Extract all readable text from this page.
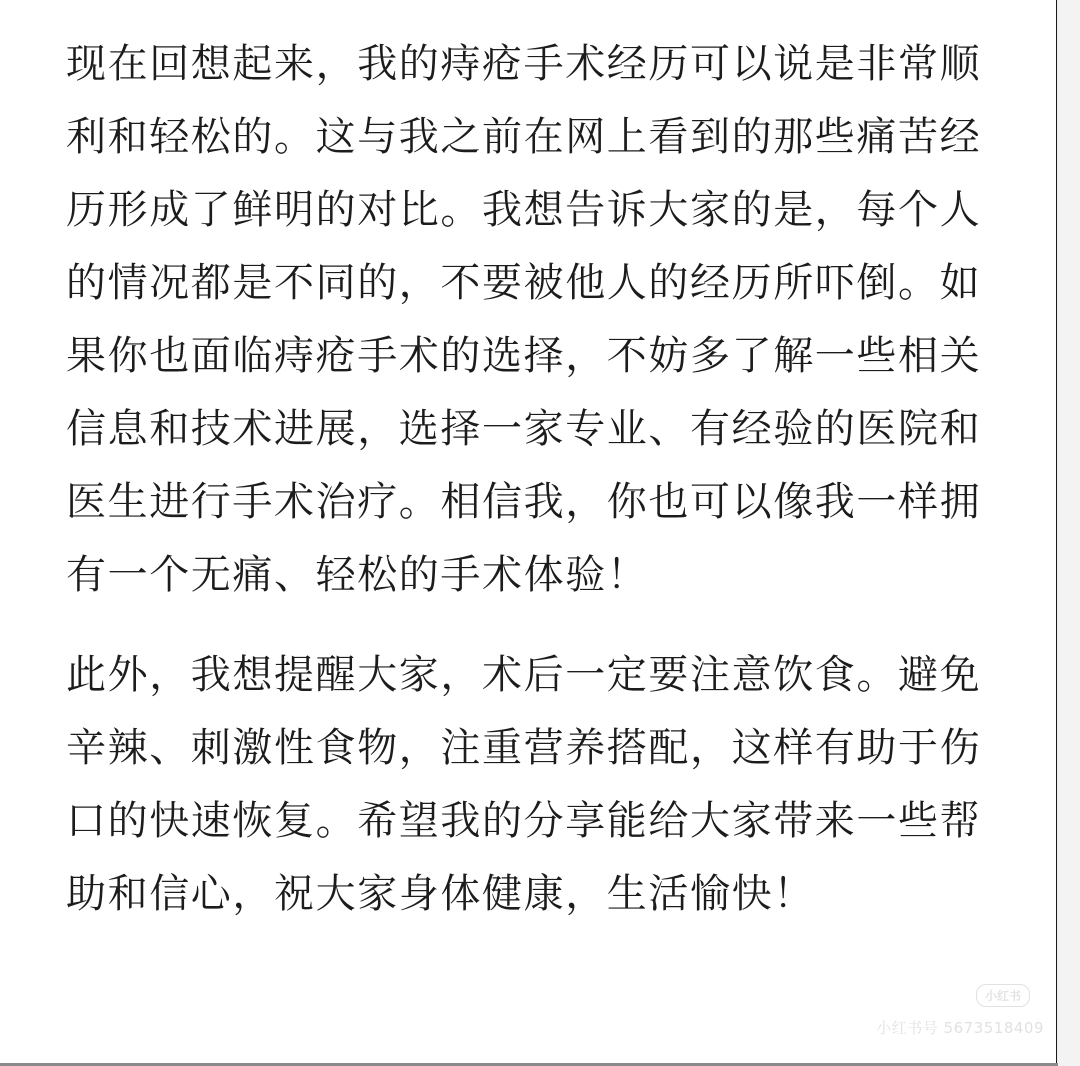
现在回想起来，我的痔疮手术经历可以说是非常顺
利和轻松的。这与我之前在网上看到的那些痛苦经
历形成了鲜明的对比。我想告诉大家的是，每个人
的情况都是不同的，不要被他人的经历所吓倒。如
果你也面临痔疮手术的选择，不妨多了解一些相关
信息和技术进展，选择一家专业、有经验的医院和
医生进行手术治疗。相信我，你也可以像我一样拥
有一个无痛、轻松的手术体验！

此外，我想提醒大家，术后一定要注意饮食。避免
辛辣、刺激性食物，注重营养搭配，这样有助于伤
口的快速恢复。希望我的分享能给大家带来一些帮
助和信心，祝大家身体健康，生活愉快！

小红书
小红书号 5673518409
